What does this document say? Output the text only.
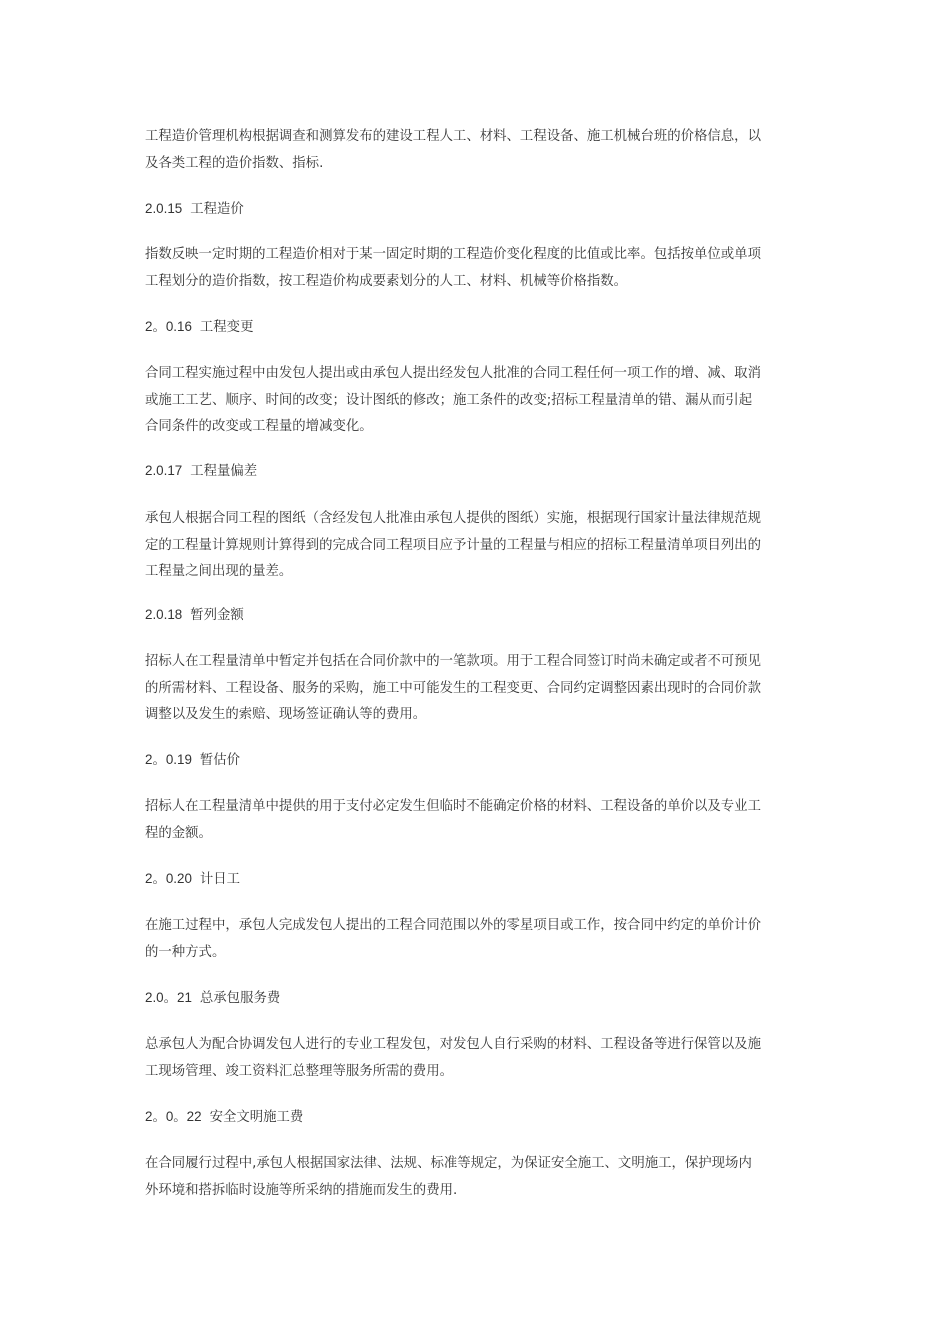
工程造价管理机构根据调查和测算发布的建设工程人工、材料、工程设备、施工机械台班的价格信息，以
及各类工程的造价指数、指标.

2.0.15 工程造价

指数反映一定时期的工程造价相对于某一固定时期的工程造价变化程度的比值或比率。包括按单位或单项
工程划分的造价指数，按工程造价构成要素划分的人工、材料、机械等价格指数。

2。0.16 工程变更

合同工程实施过程中由发包人提出或由承包人提出经发包人批准的合同工程任何一项工作的增、减、取消
或施工工艺、顺序、时间的改变；设计图纸的修改；施工条件的改变;招标工程量清单的错、漏从而引起
合同条件的改变或工程量的增减变化。

2.0.17 工程量偏差

承包人根据合同工程的图纸（含经发包人批准由承包人提供的图纸）实施，根据现行国家计量法律规范规
定的工程量计算规则计算得到的完成合同工程项目应予计量的工程量与相应的招标工程量清单项目列出的
工程量之间出现的量差。

2.0.18 暂列金额

招标人在工程量清单中暂定并包括在合同价款中的一笔款项。用于工程合同签订时尚未确定或者不可预见
的所需材料、工程设备、服务的采购，施工中可能发生的工程变更、合同约定调整因素出现时的合同价款
调整以及发生的索赔、现场签证确认等的费用。

2。0.19 暂估价

招标人在工程量清单中提供的用于支付必定发生但临时不能确定价格的材料、工程设备的单价以及专业工
程的金额。

2。0.20 计日工

在施工过程中，承包人完成发包人提出的工程合同范围以外的零星项目或工作，按合同中约定的单价计价
的一种方式。

2.0。21 总承包服务费

总承包人为配合协调发包人进行的专业工程发包，对发包人自行采购的材料、工程设备等进行保管以及施
工现场管理、竣工资料汇总整理等服务所需的费用。

2。0。22 安全文明施工费

在合同履行过程中,承包人根据国家法律、法规、标准等规定，为保证安全施工、文明施工，保护现场内
外环境和搭拆临时设施等所采纳的措施而发生的费用.
